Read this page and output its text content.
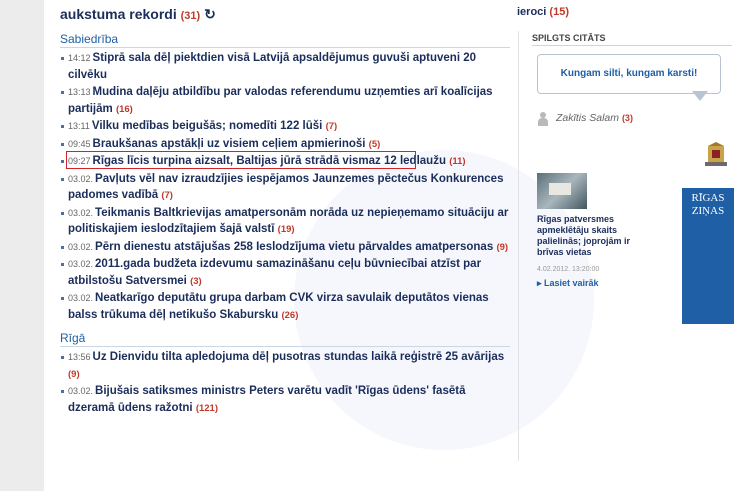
aukstuma rekordi (31) ↻	ieroci (15)
Sabiedrība
14:12 Stiprā sala dēļ piektdien visā Latvijā apsaldējumus guvuši aptuveni 20 cilvēku
13:13 Mudina daļēju atbildību par valodas referendumu uzņemties arī koalīcijas partijām (16)
13:11 Vilku medības beigušās; nomedīti 122 lūši (7)
09:45 Braukšanas apstākļi uz visiem ceļiem apmierinoši (5)
09:27 Rīgas līcis turpina aizsalt, Baltijas jūrā strādā vismaz 12 ledlaužu (11)
03.02. Pavļuts vēl nav izraudzījies iespējamos Jaunzemes pēctečus Konkurences padomes vadībā (7)
03.02. Teikmanis Baltkrievijas amatpersonām norāda uz nepieņemamo situāciju ar politiskajiem ieslodzītajiem šajā valstī (19)
03.02. Pērn dienestu atstājušas 258 Ieslodzījuma vietu pārvaldes amatpersonas (9)
03.02. 2011.gada budžeta izdevumu samazināšanu ceļu būvniecībai atzīst par atbilstošu Satversmei (3)
03.02. Neatkarīgo deputātu grupa darbam CVK virza savulaik deputātos vienas balss trūkuma dēļ netikušo Skabursku (26)
Rīgā
13:56 Uz Dienvidu tilta apledojuma dēļ pusotras stundas laikā reģistrē 25 avārijas (9)
03.02. Bijušais satiksmes ministrs Peters varētu vadīt 'Rīgas ūdens' fasētā dzeramā ūdens ražotni (121)
SPILGTS CITĀTS
Kungam silti, kungam karsti!
Zakītis Salam (3)
Rīgas patversmes apmeklētāju skaits palielinās; joprojām ir brīvas vietas
4.02.2012. 13:20:00
▸ Lasiet vairāk
RĪGAS
ZIŅAS
